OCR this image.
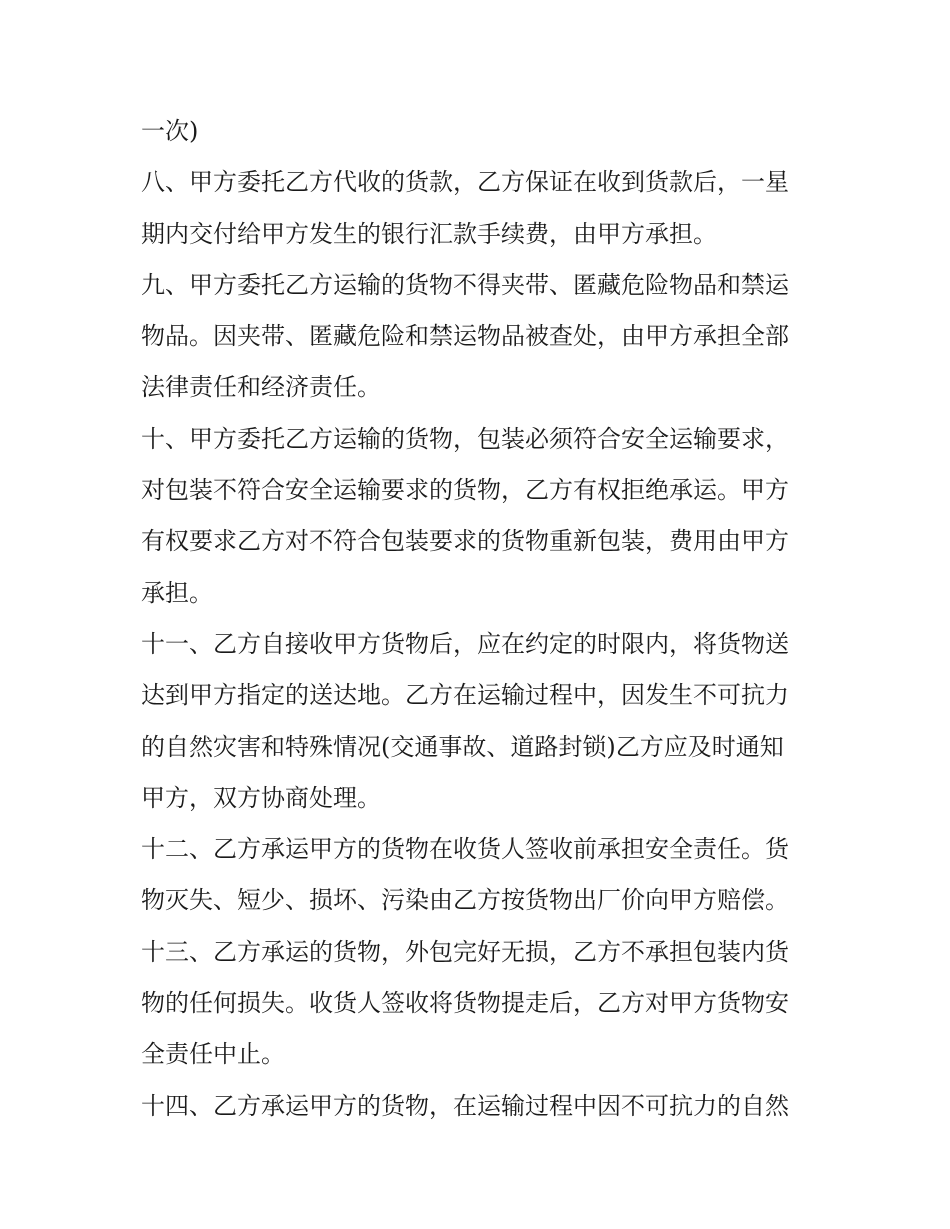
一次)
八、甲方委托乙方代收的货款，乙方保证在收到货款后，一星
期内交付给甲方发生的银行汇款手续费，由甲方承担。
九、甲方委托乙方运输的货物不得夹带、匿藏危险物品和禁运
物品。因夹带、匿藏危险和禁运物品被查处，由甲方承担全部
法律责任和经济责任。
十、甲方委托乙方运输的货物，包装必须符合安全运输要求，
对包装不符合安全运输要求的货物，乙方有权拒绝承运。甲方
有权要求乙方对不符合包装要求的货物重新包装，费用由甲方
承担。
十一、乙方自接收甲方货物后，应在约定的时限内，将货物送
达到甲方指定的送达地。乙方在运输过程中，因发生不可抗力
的自然灾害和特殊情况(交通事故、道路封锁)乙方应及时通知
甲方，双方协商处理。
十二、乙方承运甲方的货物在收货人签收前承担安全责任。货
物灭失、短少、损坏、污染由乙方按货物出厂价向甲方赔偿。
十三、乙方承运的货物，外包完好无损，乙方不承担包装内货
物的任何损失。收货人签收将货物提走后，乙方对甲方货物安
全责任中止。
十四、乙方承运甲方的货物，在运输过程中因不可抗力的自然
